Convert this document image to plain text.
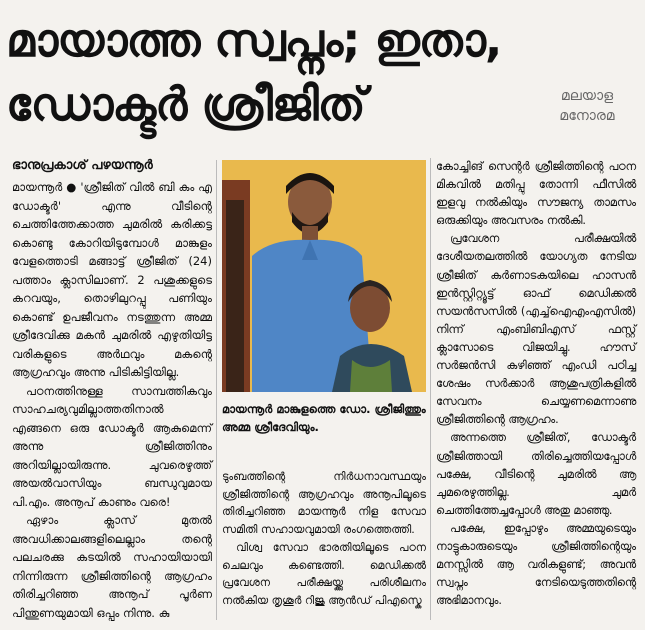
മായാത്ത സ്വപ്നം; ഇതാ,
ഡോക്ടർ ശ്രീജിത്	മലയാള
മനോരമ
ഭാനുപ്രകാശ് പഴയന്നൂർ

മായന്നൂർ ● 'ശ്രീജിത് വിൽ ബി കം എ ഡോക്ടർ' എന്നു വീടിന്റെ ചെത്തിത്തേക്കാത്ത ചുമരിൽ കരിക്കട്ട കൊണ്ടു കോറിയിടുമ്പോൾ മാങ്കുളം വേളത്തൊടി മങ്ങാട്ട് ശ്രീജിത് (24) പത്താം ക്ലാസിലാണ്. 2 പശുക്കളുടെ കറവയും, തൊഴിലുറപ്പു പണിയും കൊണ്ട് ഉപജീവനം നടത്തുന്ന അമ്മ ശ്രീദേവിക്കു മകൻ ചുമരിൽ എഴുതിയിട്ട വരികളുടെ അർഥവും മകന്റെ ആഗ്രഹവും അന്നു പിടികിട്ടിയില്ല.

പഠനത്തിനുള്ള സാമ്പത്തികവും സാഹചര്യവുമില്ലാത്തതിനാൽ എങ്ങനെ ഒരു ഡോക്ടർ ആകുമെന്ന് അന്നു ശ്രീജിത്തിനും അറിയില്ലായിരുന്നു. ചുവരെഴുത്ത് അയൽവാസിയും ബന്ധുവുമായ പി.എം. അനൂപ് കാണും വരെ!

ഏഴാം ക്ലാസ് മുതൽ അവധിക്കാലങ്ങളിലെല്ലാം തന്റെ പലചരക്കു കടയിൽ സഹായിയായി നിന്നിരുന്ന ശ്രീജിത്തിന്റെ ആഗ്രഹം തിരിച്ചറിഞ്ഞ അനൂപ് പൂർണ പിന്തുണയുമായി ഒപ്പം നിന്നു. കു

മായന്നൂർ മാങ്കുളത്തെ ഡോ. ശ്രീജിത്തും അമ്മ ശ്രീദേവിയും.

ടുംബത്തിന്റെ നിർധനാവസ്ഥയും ശ്രീജിത്തിന്റെ ആഗ്രഹവും അനൂപിലൂടെ തിരിച്ചറിഞ്ഞ മായന്നൂർ നിള സേവാ സമിതി സഹായവുമായി രംഗത്തെത്തി.

വിശ്വ സേവാ ഭാരതിയിലൂടെ പഠന ചെലവും കണ്ടെത്തി. മെഡിക്കൽ പ്രവേശന പരീക്ഷയ്ക്കു പരിശീലനം നൽകിയ തൃശൂർ റിജു ആൻഡ് പിഎസ്കെ

കോച്ചിങ് സെന്റർ ശ്രീജിത്തിന്റെ പഠന മികവിൽ മതിപ്പു തോന്നി ഫീസിൽ ഇളവു നൽകിയും സൗജന്യ താമസം ഒരുക്കിയും അവസരം നൽകി.

പ്രവേശന പരീക്ഷയിൽ ദേശീയതലത്തിൽ യോഗ്യത നേടിയ ശ്രീജിത് കർണാടകയിലെ ഹാസൻ ഇൻസ്റ്റിറ്റ്യൂട്ട് ഓഫ് മെഡിക്കൽ സയൻസസിൽ (എച്ച്ഐഎംഎസിൽ) നിന്ന് എംബിബിഎസ് ഫസ്റ്റ് ക്ലാസോടെ വിജയിച്ചു. ഹൗസ് സർജൻസി കഴിഞ്ഞ് എംഡി പഠിച്ച ശേഷം സർക്കാർ ആശുപത്രികളിൽ സേവനം ചെയ്യണമെന്നാണു ശ്രീജിത്തിന്റെ ആഗ്രഹം.

അന്നത്തെ ശ്രീജിത്, ഡോക്ടർ ശ്രീജിത്തായി തിരിച്ചെത്തിയപ്പോൾ പക്ഷേ, വീടിന്റെ ചുമരിൽ ആ ചുമരെഴുത്തില്ല. ചുമർ ചെത്തിത്തേച്ചപ്പോൾ അതു മാഞ്ഞു.

പക്ഷേ, ഇപ്പോഴും അമ്മയുടെയും നാട്ടുകാരുടെയും ശ്രീജിത്തിന്റെയും മനസ്സിൽ ആ വരികളുണ്ട്; അവൻ സ്വപ്നം നേടിയെടുത്തതിന്റെ അഭിമാനവും.
